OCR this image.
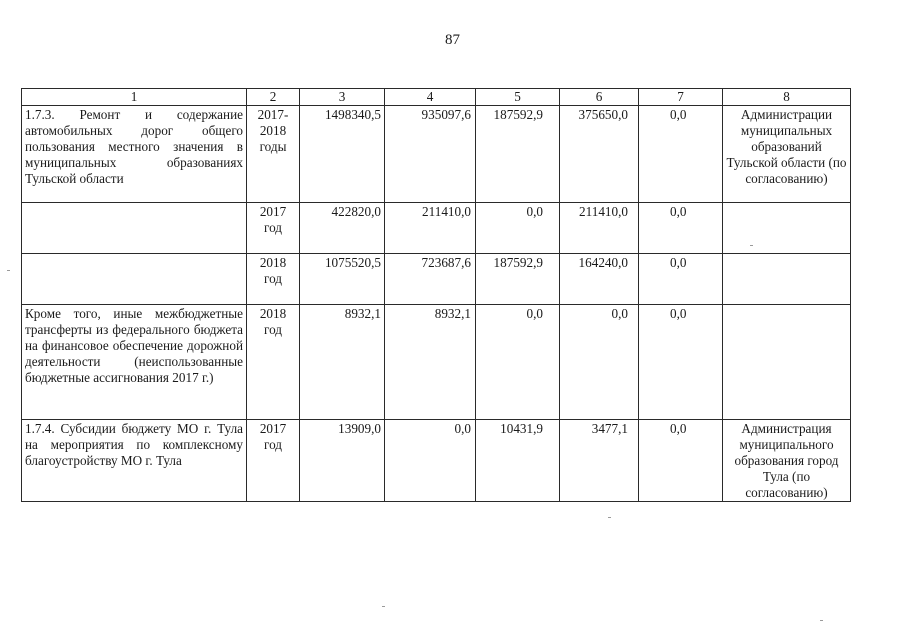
87
1	2	3	4	5	6	7	8
1.7.3. Ремонт и содержание автомобильных дорог общего пользования местного значения в муниципальных образованиях Тульской области	2017-2018 годы	1498340,5	935097,6	187592,9	375650,0	0,0	Администрации муниципальных образований Тульской области (по согласованию)
	2017 год	422820,0	211410,0	0,0	211410,0	0,0	
	2018 год	1075520,5	723687,6	187592,9	164240,0	0,0	
Кроме того, иные межбюджетные трансферты из федерального бюджета на финансовое обеспечение дорожной деятельности (неиспользованные бюджетные ассигнования 2017 г.)	2018 год	8932,1	8932,1	0,0	0,0	0,0	
1.7.4. Субсидии бюджету МО г. Тула на мероприятия по комплексному благоустройству МО г. Тула	2017 год	13909,0	0,0	10431,9	3477,1	0,0	Администрация муниципального образования город Тула (по согласованию)
